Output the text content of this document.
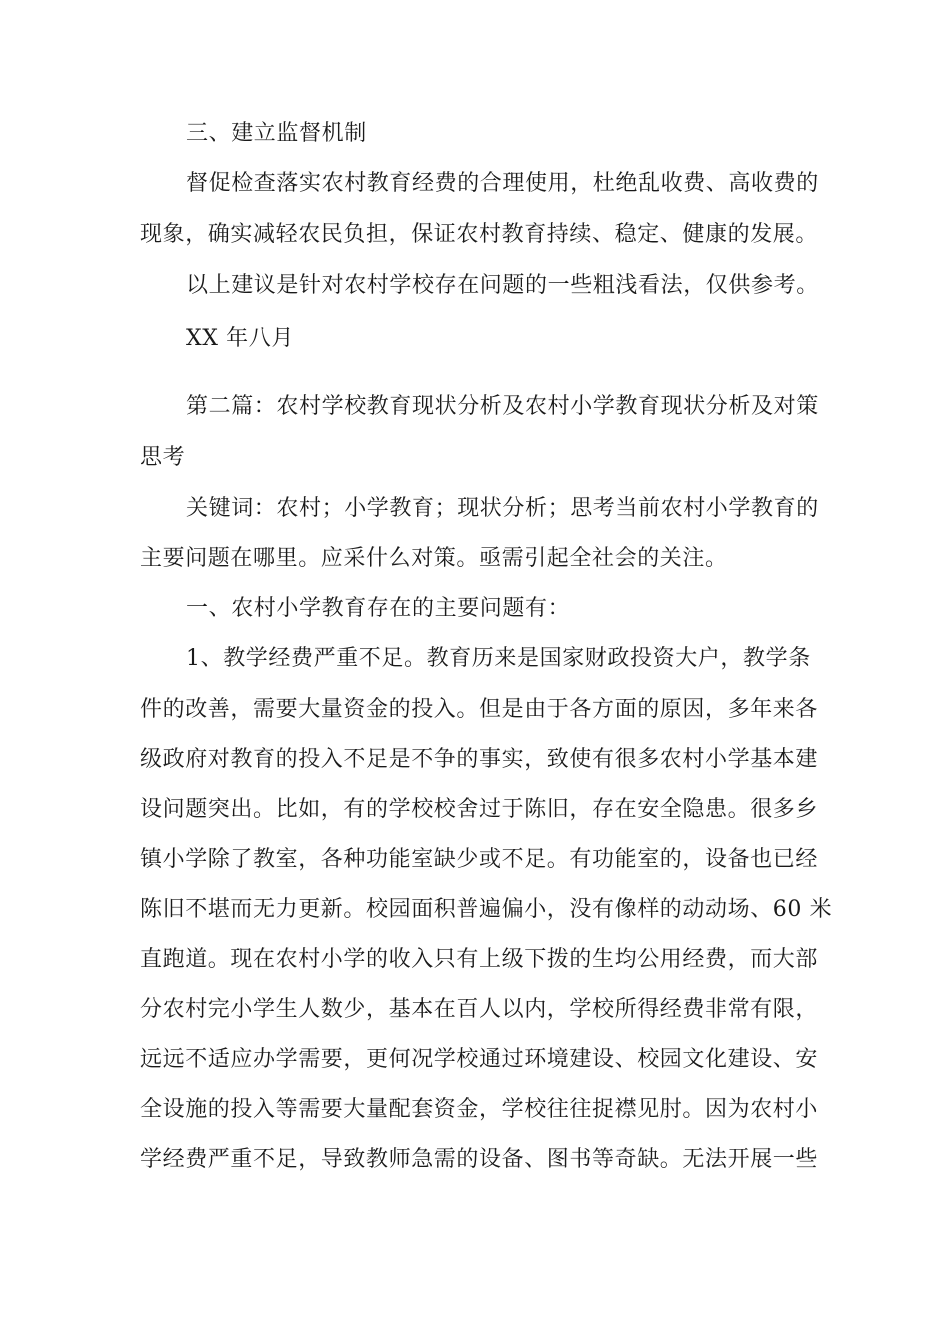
三、建立监督机制
督促检查落实农村教育经费的合理使用，杜绝乱收费、高收费的
现象，确实减轻农民负担，保证农村教育持续、稳定、健康的发展。
以上建议是针对农村学校存在问题的一些粗浅看法，仅供参考。
XX 年八月
第二篇：农村学校教育现状分析及农村小学教育现状分析及对策
思考
关键词：农村；小学教育；现状分析；思考当前农村小学教育的
主要问题在哪里。应采什么对策。亟需引起全社会的关注。
一、农村小学教育存在的主要问题有：
1、教学经费严重不足。教育历来是国家财政投资大户，教学条
件的改善，需要大量资金的投入。但是由于各方面的原因，多年来各
级政府对教育的投入不足是不争的事实，致使有很多农村小学基本建
设问题突出。比如，有的学校校舍过于陈旧，存在安全隐患。很多乡
镇小学除了教室，各种功能室缺少或不足。有功能室的，设备也已经
陈旧不堪而无力更新。校园面积普遍偏小，没有像样的动动场、60 米
直跑道。现在农村小学的收入只有上级下拨的生均公用经费，而大部
分农村完小学生人数少，基本在百人以内，学校所得经费非常有限，
远远不适应办学需要，更何况学校通过环境建设、校园文化建设、安
全设施的投入等需要大量配套资金，学校往往捉襟见肘。因为农村小
学经费严重不足，导致教师急需的设备、图书等奇缺。无法开展一些
